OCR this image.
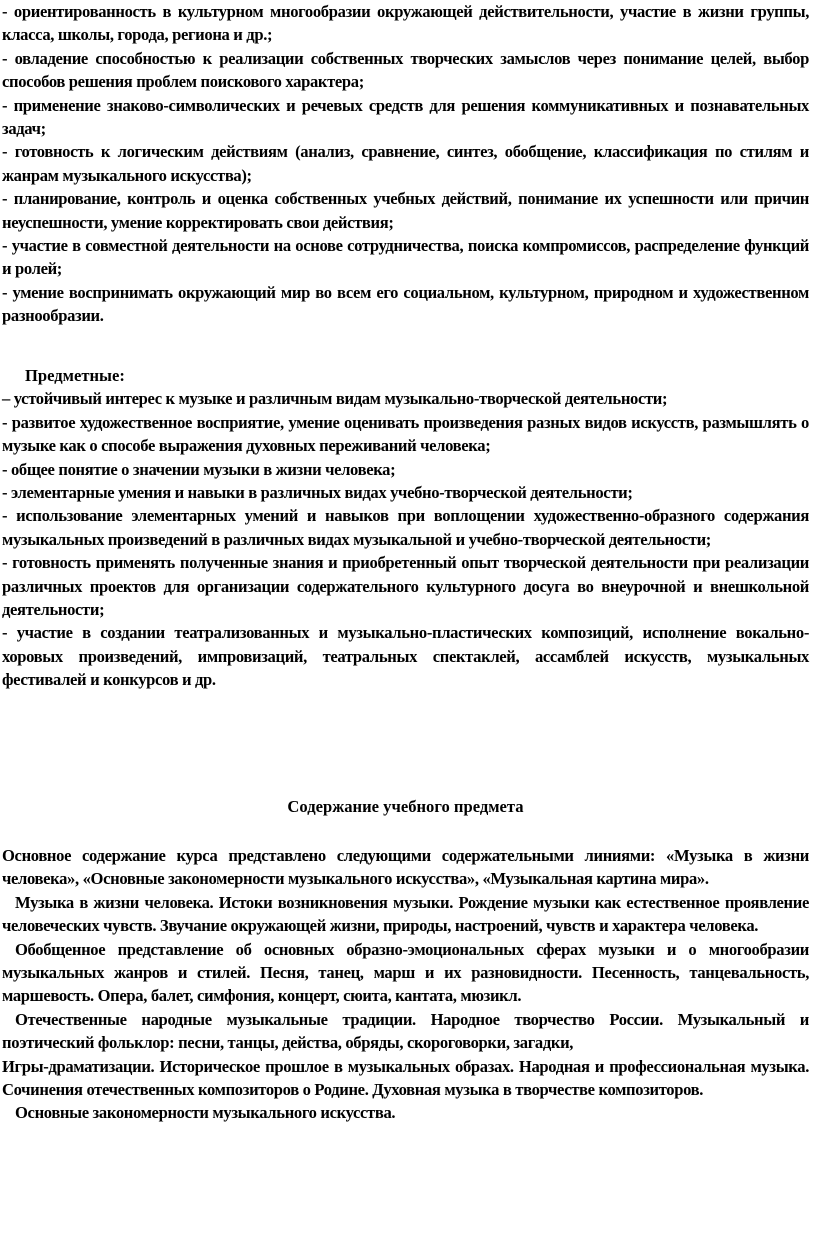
- ориентированность в культурном многообразии окружающей действительности, участие в жизни группы, класса, школы, города, региона и др.;

- овладение способностью к реализации собственных творческих замыслов через понимание целей, выбор способов решения проблем поискового характера;

- применение знаково-символических и речевых средств для решения коммуникативных и познавательных задач;

- готовность к логическим действиям (анализ, сравнение, синтез, обобщение, классификация по стилям и жанрам музыкального искусства);

- планирование, контроль и оценка собственных учебных действий, понимание их успешности или причин неуспешности, умение корректировать свои действия;

- участие в совместной деятельности на основе сотрудничества, поиска компромиссов, распределение функций и ролей;

- умение воспринимать окружающий мир во всем его социальном, культурном, природном и художественном разнообразии.

Предметные:

– устойчивый интерес к музыке и различным видам музыкально-творческой деятельности;

- развитое художественное восприятие, умение оценивать произведения разных видов искусств, размышлять о музыке как о способе выражения духовных переживаний человека;

- общее понятие о значении музыки в жизни человека;

- элементарные умения и навыки в различных видах учебно-творческой деятельности;

- использование элементарных умений и навыков при воплощении художественно-образного содержания музыкальных произведений в различных видах музыкальной и учебно-творческой деятельности;

- готовность применять полученные знания и приобретенный опыт творческой деятельности при реализации различных проектов для организации содержательного культурного досуга во внеурочной и внешкольной деятельности;

- участие в создании театрализованных и музыкально-пластических композиций, исполнение вокально-хоровых произведений, импровизаций, театральных спектаклей, ассамблей искусств, музыкальных фестивалей и конкурсов и др.

Содержание учебного предмета

Основное содержание курса представлено следующими содержательными линиями: «Музыка в жизни человека», «Основные закономерности музыкального искусства», «Музыкальная картина мира».

Музыка в жизни человека. Истоки возникновения музыки. Рождение музыки как естественное проявление человеческих чувств. Звучание окружающей жизни, природы, настроений, чувств и характера человека.

Обобщенное представление об основных образно-эмоциональных сферах музыки и о многообразии музыкальных жанров и стилей. Песня, танец, марш и их разновидности. Песенность, танцевальность, маршевость. Опера, балет, симфония, концерт, сюита, кантата, мюзикл.

Отечественные народные музыкальные традиции. Народное творчество России. Музыкальный и поэтический фольклор: песни, танцы, действа, обряды, скороговорки, загадки,

Игры-драматизации. Историческое прошлое в музыкальных образах. Народная и профессиональная музыка. Сочинения отечественных композиторов о Родине. Духовная музыка в творчестве композиторов.

Основные закономерности музыкального искусства.
